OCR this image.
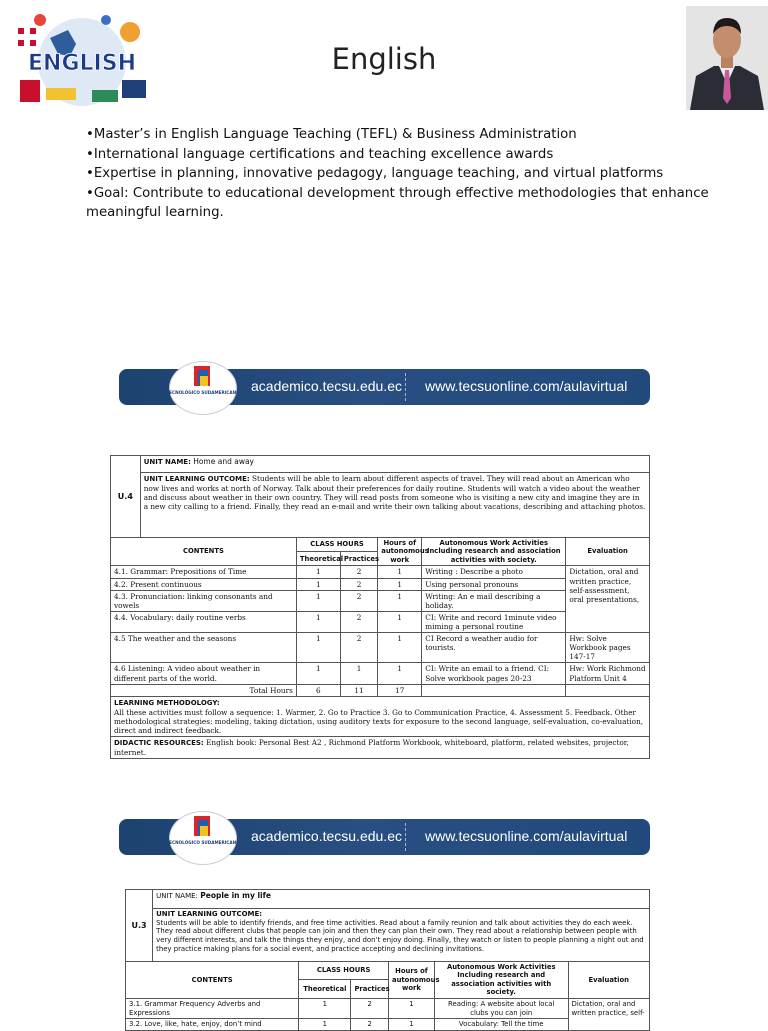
ENGLISH	English
•Master’s in English Language Teaching (TEFL) & Business Administration
•International language certifications and teaching excellence awards
•Expertise in planning, innovative pedagogy, language teaching, and virtual platforms
•Goal: Contribute to educational development through effective methodologies that enhance meaningful learning.
TECNOLÓGICO SUDAMERICANO academico.tecsu.edu.ec www.tecsuonline.com/aulavirtual
U.4	UNIT NAME: Home and away					
	UNIT LEARNING OUTCOME: Students will be able to learn about different aspects of travel. They will read about an American who now lives and works at north of Norway. Talk about their preferences for daily routine. Students will watch a video about the weather and discuss about weather in their own country. They will read posts from someone who is visiting a new city and imagine they are in a new city calling to a friend. Finally, they read an e-mail and write their own talking about vacations, describing and attaching photos.					
CONTENTS		CLASS HOURS		Hours of autonomous work	Autonomous Work Activities Including research and association activities with society.	Evaluation
		Theoretical	Practices			
4.1. Grammar: Prepositions of Time		1	2	1	Writing : Describe a photo	Dictation, oral and written practice, self-assessment, oral presentations,
4.2. Present continuous		1	2	1	Using personal pronouns	
4.3. Pronunciation: linking consonants and vowels		1	2	1	Writing: An e mail describing a holiday.	
4.4. Vocabulary: daily routine verbs		1	2	1	CI: Write and record 1minute video miming a personal routine	
4.5 The weather and the seasons		1	2	1	CI Record a weather audio for tourists.	Hw: Solve Workbook pages 147-17
4.6 Listening: A video about weather in different parts of the world.		1	1	1	CI: Write an email to a friend. CI: Solve workbook pages 20-23	Hw: Work Richmond Platform Unit 4
Total Hours		6	11	17		
LEARNING METHODOLOGY:
All these activities must follow a sequence: 1. Warmer, 2. Go to Practice 3. Go to Communication Practice, 4. Assessment 5. Feedback. Other methodological strategies: modeling, taking dictation, using auditory texts for exposure to the second language, self-evaluation, co-evaluation, direct and indirect feedback.						
DIDACTIC RESOURCES: English book: Personal Best A2 , Richmond Platform Workbook, whiteboard, platform, related websites, projector, internet.						
TECNOLÓGICO SUDAMERICANO academico.tecsu.edu.ec www.tecsuonline.com/aulavirtual
U.3	UNIT NAME: People in my life					
	UNIT LEARNING OUTCOME:
Students will be able to identify friends, and free time activities. Read about a family reunion and talk about activities they do each week. They read about different clubs that people can join and then they can plan their own. They read about a relationship between people with very different interests, and talk the things they enjoy, and don’t enjoy doing. Finally, they watch or listen to people planning a night out and they practice making plans for a social event, and practice accepting and declining invitations.					
CONTENTS		CLASS HOURS		Hours of autonomous work	Autonomous Work Activities Including research and association activities with society.	Evaluation
		Theoretical	Practices			
3.1. Grammar Frequency Adverbs and Expressions		1	2	1	Reading: A website about local clubs you can join	Dictation, oral and written practice, self-
3.2. Love, like, hate, enjoy, don’t mind		1	2	1	Vocabulary: Tell the time	
